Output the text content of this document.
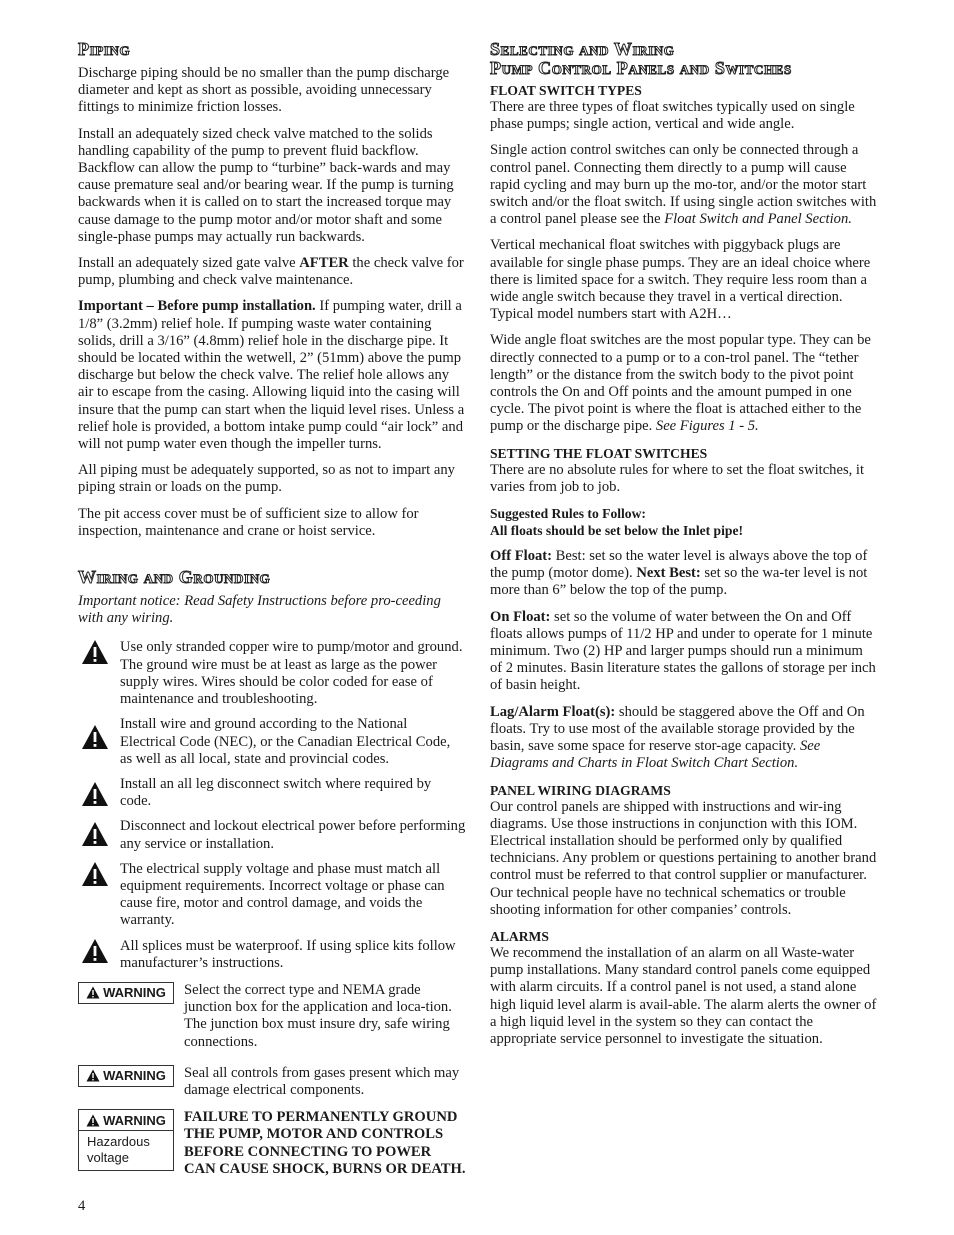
Piping

Discharge piping should be no smaller than the pump discharge diameter and kept as short as possible, avoiding unnecessary fittings to minimize friction losses.

Install an adequately sized check valve matched to the solids handling capability of the pump to prevent fluid backflow. Backflow can allow the pump to “turbine” back-wards and may cause premature seal and/or bearing wear. If the pump is turning backwards when it is called on to start the increased torque may cause damage to the pump motor and/or motor shaft and some single-phase pumps may actually run backwards.

Install an adequately sized gate valve AFTER the check valve for pump, plumbing and check valve maintenance.

Important – Before pump installation. If pumping water, drill a 1/8” (3.2mm) relief hole. If pumping waste water containing solids, drill a 3/16” (4.8mm) relief hole in the discharge pipe. It should be located within the wetwell, 2” (51mm) above the pump discharge but below the check valve. The relief hole allows any air to escape from the casing. Allowing liquid into the casing will insure that the pump can start when the liquid level rises. Unless a relief hole is provided, a bottom intake pump could “air lock” and will not pump water even though the impeller turns.

All piping must be adequately supported, so as not to impart any piping strain or loads on the pump.

The pit access cover must be of sufficient size to allow for inspection, maintenance and crane or hoist service.

Wiring and Grounding

Important notice: Read Safety Instructions before pro-ceeding with any wiring.

Use only stranded copper wire to pump/motor and ground. The ground wire must be at least as large as the power supply wires. Wires should be color coded for ease of maintenance and troubleshooting.

Install wire and ground according to the National Electrical Code (NEC), or the Canadian Electrical Code, as well as all local, state and provincial codes.

Install an all leg disconnect switch where required by code.

Disconnect and lockout electrical power before performing any service or installation.

The electrical supply voltage and phase must match all equipment requirements. Incorrect voltage or phase can cause fire, motor and control damage, and voids the warranty.

All splices must be waterproof. If using splice kits follow manufacturer’s instructions.

WARNING Select the correct type and NEMA grade junction box for the application and loca-tion. The junction box must insure dry, safe wiring connections.

WARNING Seal all controls from gases present which may damage electrical components.

WARNING
Hazardous
voltage

FAILURE TO PERMANENTLY GROUND THE PUMP, MOTOR AND CONTROLS BEFORE CONNECTING TO POWER CAN CAUSE SHOCK, BURNS OR DEATH.

4
Selecting and Wiring
Pump Control Panels and Switches
FLOAT SWITCH TYPES

There are three types of float switches typically used on single phase pumps; single action, vertical and wide angle.

Single action control switches can only be connected through a control panel. Connecting them directly to a pump will cause rapid cycling and may burn up the mo-tor, and/or the motor start switch and/or the float switch. If using single action switches with a control panel please see the Float Switch and Panel Section.

Vertical mechanical float switches with piggyback plugs are available for single phase pumps. They are an ideal choice where there is limited space for a switch. They require less room than a wide angle switch because they travel in a vertical direction. Typical model numbers start with A2H…

Wide angle float switches are the most popular type. They can be directly connected to a pump or to a con-trol panel. The “tether length” or the distance from the switch body to the pivot point controls the On and Off points and the amount pumped in one cycle. The pivot point is where the float is attached either to the pump or the discharge pipe. See Figures 1 - 5.

SETTING THE FLOAT SWITCHES

There are no absolute rules for where to set the float switches, it varies from job to job.

Suggested Rules to Follow:
All floats should be set below the Inlet pipe!

Off Float: Best: set so the water level is always above the top of the pump (motor dome). Next Best: set so the wa-ter level is not more than 6” below the top of the pump.

On Float: set so the volume of water between the On and Off floats allows pumps of 11/2 HP and under to operate for 1 minute minimum. Two (2) HP and larger pumps should run a minimum of 2 minutes. Basin literature states the gallons of storage per inch of basin height.

Lag/Alarm Float(s): should be staggered above the Off and On floats. Try to use most of the available storage provided by the basin, save some space for reserve stor-age capacity. See Diagrams and Charts in Float Switch Chart Section.

PANEL WIRING DIAGRAMS

Our control panels are shipped with instructions and wir-ing diagrams. Use those instructions in conjunction with this IOM. Electrical installation should be performed only by qualified technicians. Any problem or questions pertaining to another brand control must be referred to that control supplier or manufacturer. Our technical people have no technical schematics or trouble shooting information for other companies’ controls.

ALARMS

We recommend the installation of an alarm on all Waste-water pump installations. Many standard control panels come equipped with alarm circuits. If a control panel is not used, a stand alone high liquid level alarm is avail-able. The alarm alerts the owner of a high liquid level in the system so they can contact the appropriate service personnel to investigate the situation.
